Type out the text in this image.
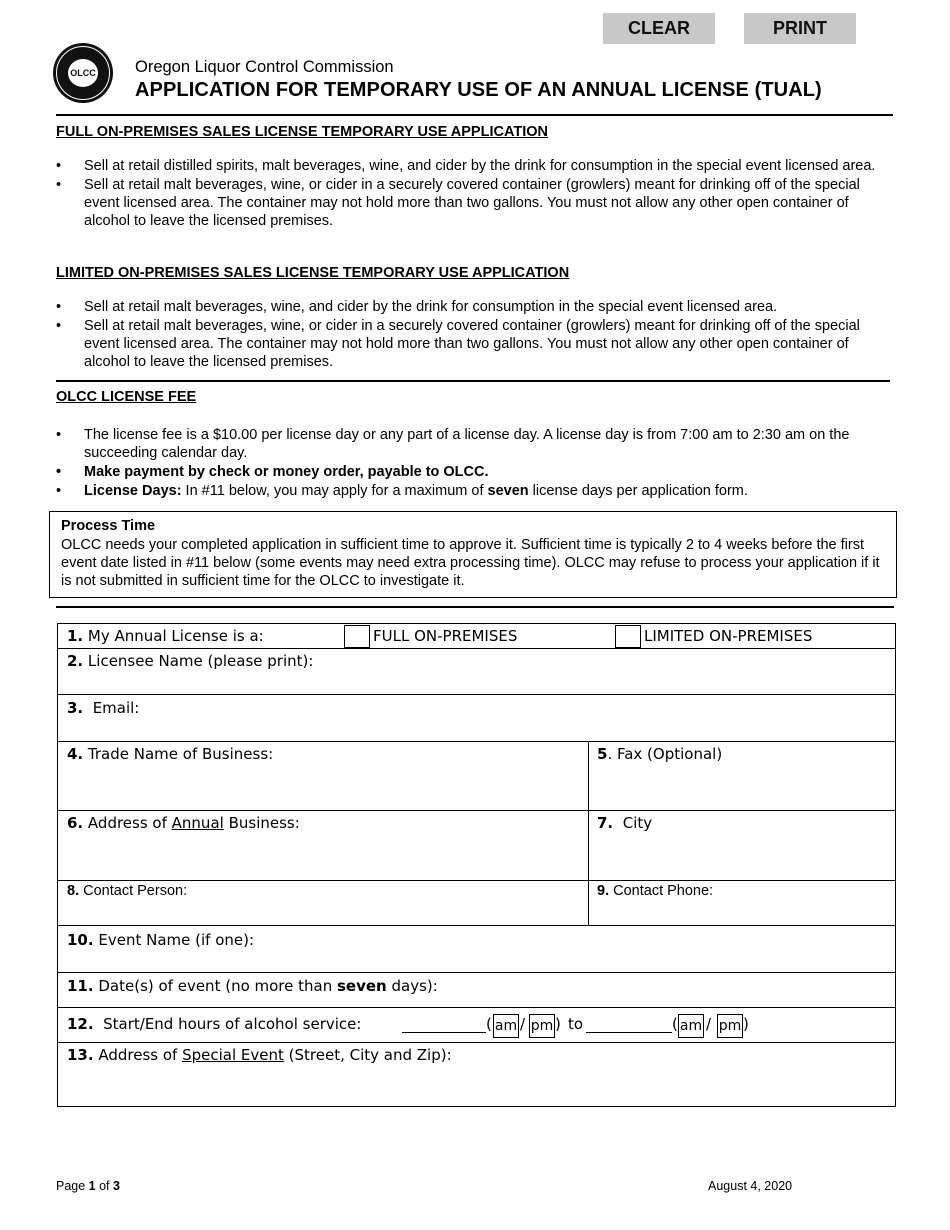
CLEAR	PRINT
OLCC Oregon Liquor Control Commission
APPLICATION FOR TEMPORARY USE OF AN ANNUAL LICENSE (TUAL)
FULL ON-PREMISES SALES LICENSE TEMPORARY USE APPLICATION
• Sell at retail distilled spirits, malt beverages, wine, and cider by the drink for consumption in the special event licensed area.
• Sell at retail malt beverages, wine, or cider in a securely covered container (growlers) meant for drinking off of the special event licensed area. The container may not hold more than two gallons. You must not allow any other open container of alcohol to leave the licensed premises.
LIMITED ON-PREMISES SALES LICENSE TEMPORARY USE APPLICATION
• Sell at retail malt beverages, wine, and cider by the drink for consumption in the special event licensed area.
• Sell at retail malt beverages, wine, or cider in a securely covered container (growlers) meant for drinking off of the special event licensed area. The container may not hold more than two gallons. You must not allow any other open container of alcohol to leave the licensed premises.
OLCC LICENSE FEE
• The license fee is a $10.00 per license day or any part of a license day. A license day is from 7:00 am to 2:30 am on the succeeding calendar day.
• Make payment by check or money order, payable to OLCC.
• License Days: In #11 below, you may apply for a maximum of seven license days per application form.
Process Time
OLCC needs your completed application in sufficient time to approve it. Sufficient time is typically 2 to 4 weeks before the first event date listed in #11 below (some events may need extra processing time). OLCC may refuse to process your application if it is not submitted in sufficient time for the OLCC to investigate it.
1. My Annual License is a:	FULL ON-PREMISES	LIMITED ON-PREMISES
2. Licensee Name (please print):
3. Email:
4. Trade Name of Business:	5. Fax (Optional)
6. Address of Annual Business:	7. City
8. Contact Person:	9. Contact Phone:
10. Event Name (if one):
11. Date(s) of event (no more than seven days):
12. Start/End hours of alcohol service:	( am / pm ) to	( am / pm )
13. Address of Special Event (Street, City and Zip):
Page 1 of 3	August 4, 2020
